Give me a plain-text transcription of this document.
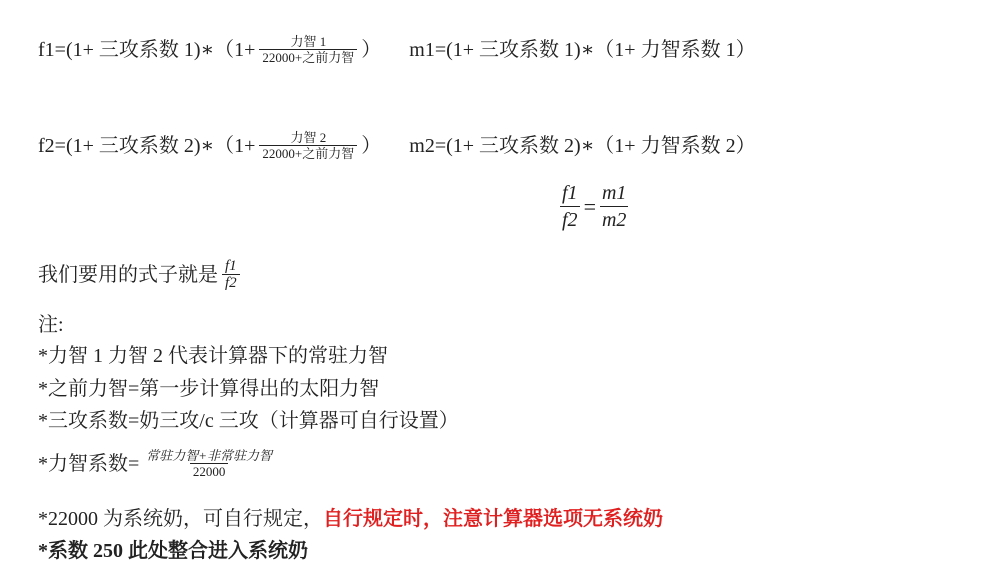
f1=(1+ 三攻系数 1) ∗（1+ $\frac{\text{力智 1}}{\text{22000+之前力智}}$ ） m1=(1+ 三攻系数 1)∗（1+ 力智系数 1）
f2=(1+ 三攻系数 2) ∗（1+ $\frac{\text{力智 2}}{\text{22000+之前力智}}$ ） m2=(1+ 三攻系数 2)∗（1+ 力智系数 2）
$\frac{f1}{f2} = \frac{m1}{m2}$
我们要用的式子就是 $\frac{f1}{f2}$
注:
*力智 1 力智 2 代表计算器下的常驻力智
*之前力智=第一步计算得出的太阳力智
*三攻系数=奶三攻/c 三攻（计算器可自行设置）
*力智系数= $\frac{\text{常驻力智+非常驻力智}}{22000}$
*22000 为系统奶，可自行规定， 自行规定时，注意计算器选项无系统奶
*系数 250 此处整合进入系统奶
